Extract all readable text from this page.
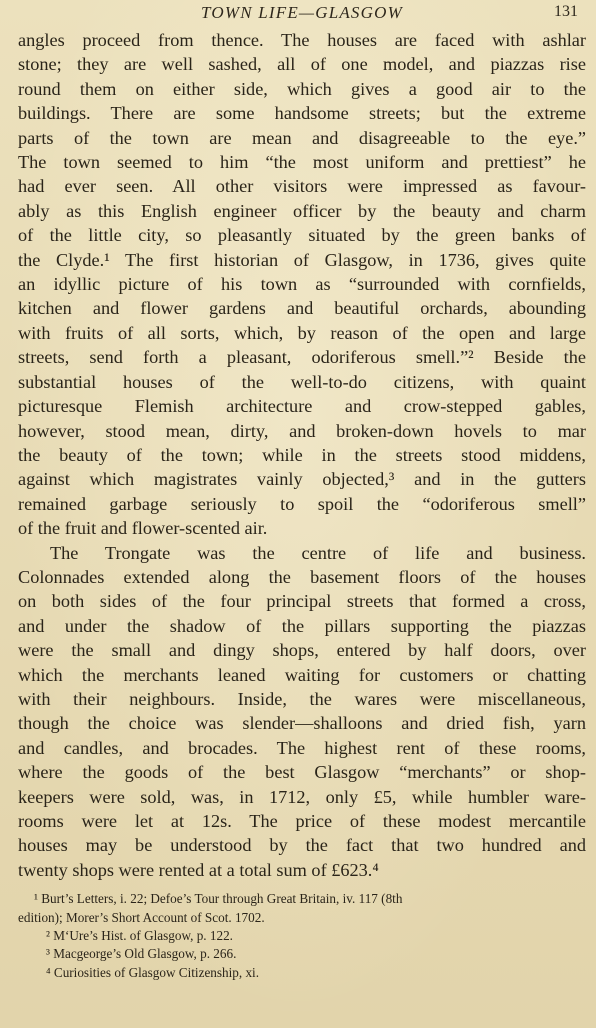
TOWN LIFE—GLASGOW	131

angles proceed from thence. The houses are faced with ashlar
stone; they are well sashed, all of one model, and piazzas rise
round them on either side, which gives a good air to the
buildings. There are some handsome streets; but the extreme
parts of the town are mean and disagreeable to the eye.”
The town seemed to him “the most uniform and prettiest” he
had ever seen. All other visitors were impressed as favour-
ably as this English engineer officer by the beauty and charm
of the little city, so pleasantly situated by the green banks of
the Clyde.¹ The first historian of Glasgow, in 1736, gives quite
an idyllic picture of his town as “surrounded with cornfields,
kitchen and flower gardens and beautiful orchards, abounding
with fruits of all sorts, which, by reason of the open and large
streets, send forth a pleasant, odoriferous smell.”² Beside the
substantial houses of the well-to-do citizens, with quaint
picturesque Flemish architecture and crow-stepped gables,
however, stood mean, dirty, and broken-down hovels to mar
the beauty of the town; while in the streets stood middens,
against which magistrates vainly objected,³ and in the gutters
remained garbage seriously to spoil the “odoriferous smell”
of the fruit and flower-scented air.

The Trongate was the centre of life and business.
Colonnades extended along the basement floors of the houses
on both sides of the four principal streets that formed a cross,
and under the shadow of the pillars supporting the piazzas
were the small and dingy shops, entered by half doors, over
which the merchants leaned waiting for customers or chatting
with their neighbours. Inside, the wares were miscellaneous,
though the choice was slender—shalloons and dried fish, yarn
and candles, and brocades. The highest rent of these rooms,
where the goods of the best Glasgow “merchants” or shop-
keepers were sold, was, in 1712, only £5, while humbler ware-
rooms were let at 12s. The price of these modest mercantile
houses may be understood by the fact that two hundred and
twenty shops were rented at a total sum of £623.⁴

¹ Burt’s Letters, i. 22; Defoe’s Tour through Great Britain, iv. 117 (8th
edition); Morer’s Short Account of Scot. 1702.
² M‘Ure’s Hist. of Glasgow, p. 122.
³ Macgeorge’s Old Glasgow, p. 266.
⁴ Curiosities of Glasgow Citizenship, xi.
